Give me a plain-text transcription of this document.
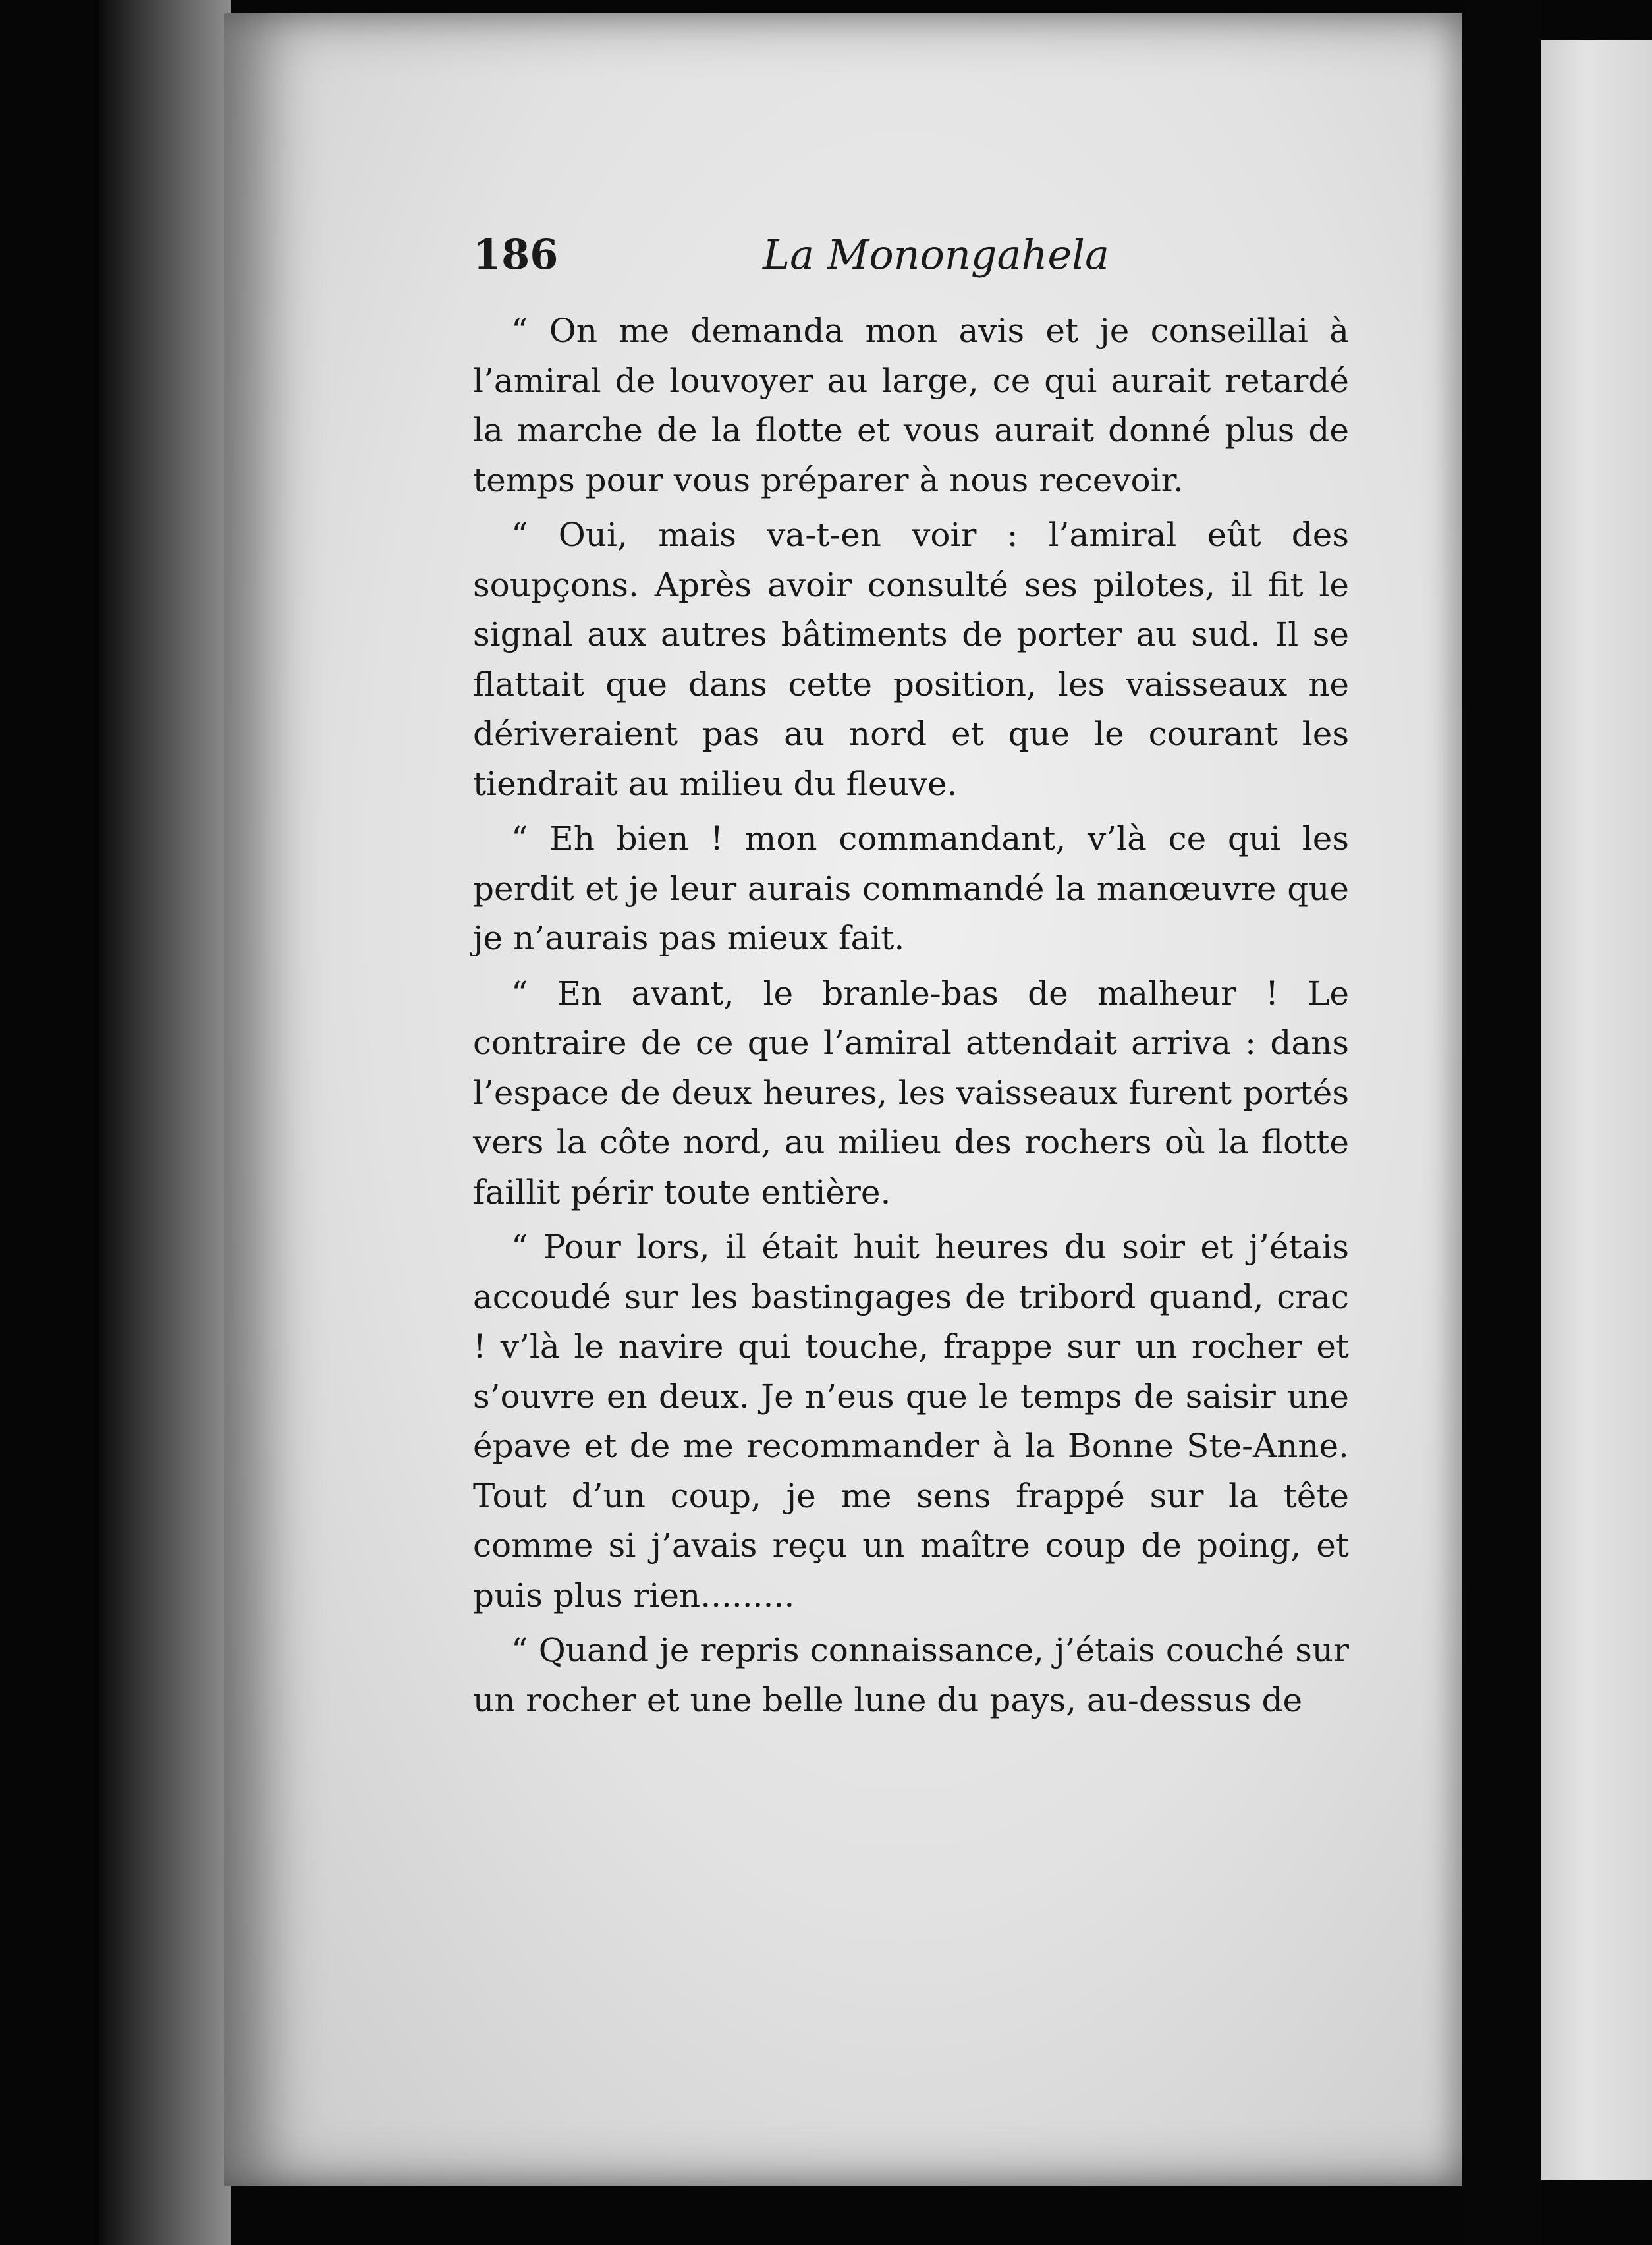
186	La Monongahela

“ On me demanda mon avis et je conseillai à l’amiral de louvoyer au large, ce qui aurait retardé la marche de la flotte et vous aurait donné plus de temps pour vous préparer à nous recevoir.

“ Oui, mais va-t-en voir : l’amiral eût des soupçons. Après avoir consulté ses pilotes, il fit le signal aux autres bâtiments de porter au sud. Il se flattait que dans cette position, les vaisseaux ne dériveraient pas au nord et que le courant les tiendrait au milieu du fleuve.

“ Eh bien ! mon commandant, v’là ce qui les perdit et je leur aurais commandé la manœuvre que je n’aurais pas mieux fait.

“ En avant, le branle-bas de malheur ! Le contraire de ce que l’amiral attendait arriva : dans l’espace de deux heures, les vaisseaux furent portés vers la côte nord, au milieu des rochers où la flotte faillit périr toute entière.

“ Pour lors, il était huit heures du soir et j’étais accoudé sur les bastingages de tribord quand, crac ! v’là le navire qui touche, frappe sur un rocher et s’ouvre en deux. Je n’eus que le temps de saisir une épave et de me recommander à la Bonne Ste-Anne. Tout d’un coup, je me sens frappé sur la tête comme si j’avais reçu un maître coup de poing, et puis plus rien.........

“ Quand je repris connaissance, j’étais couché sur un rocher et une belle lune du pays, au-dessus de
